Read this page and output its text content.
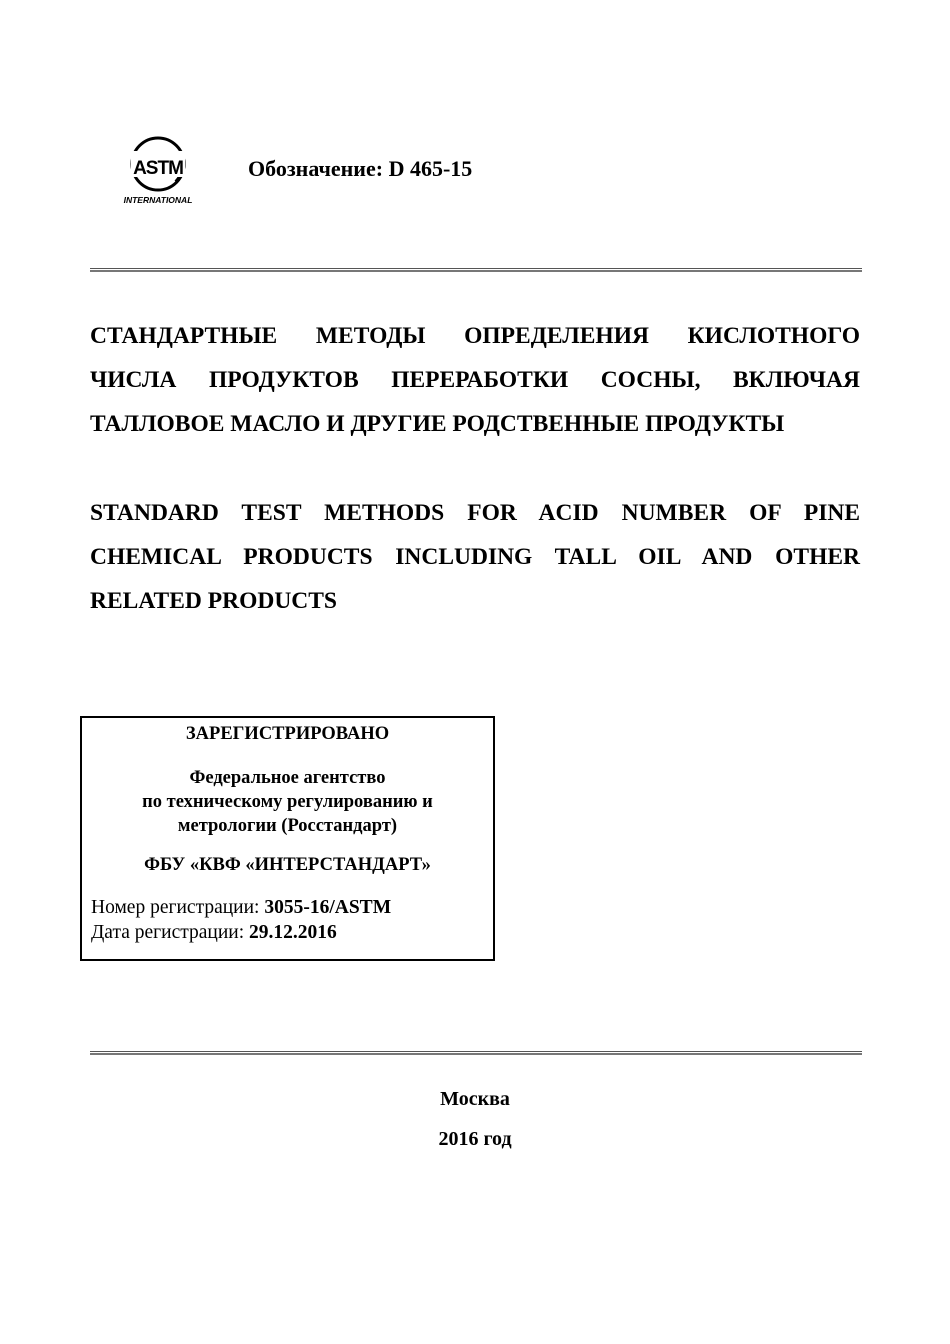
ASTM
INTERNATIONAL
Обозначение: D 465-15
СТАНДАРТНЫЕ МЕТОДЫ ОПРЕДЕЛЕНИЯ КИСЛОТНОГО
ЧИСЛА ПРОДУКТОВ ПЕРЕРАБОТКИ СОСНЫ, ВКЛЮЧАЯ
ТАЛЛОВОЕ МАСЛО И ДРУГИЕ РОДСТВЕННЫЕ ПРОДУКТЫ
STANDARD TEST METHODS FOR ACID NUMBER OF PINE
CHEMICAL PRODUCTS INCLUDING TALL OIL AND OTHER
RELATED PRODUCTS
ЗАРЕГИСТРИРОВАНО
Федеральное агентство
по техническому регулированию и
метрологии (Росстандарт)
ФБУ «КВФ «ИНТЕРСТАНДАРТ»
Номер регистрации: 3055-16/ASTM
Дата регистрации: 29.12.2016
Москва
2016 год
